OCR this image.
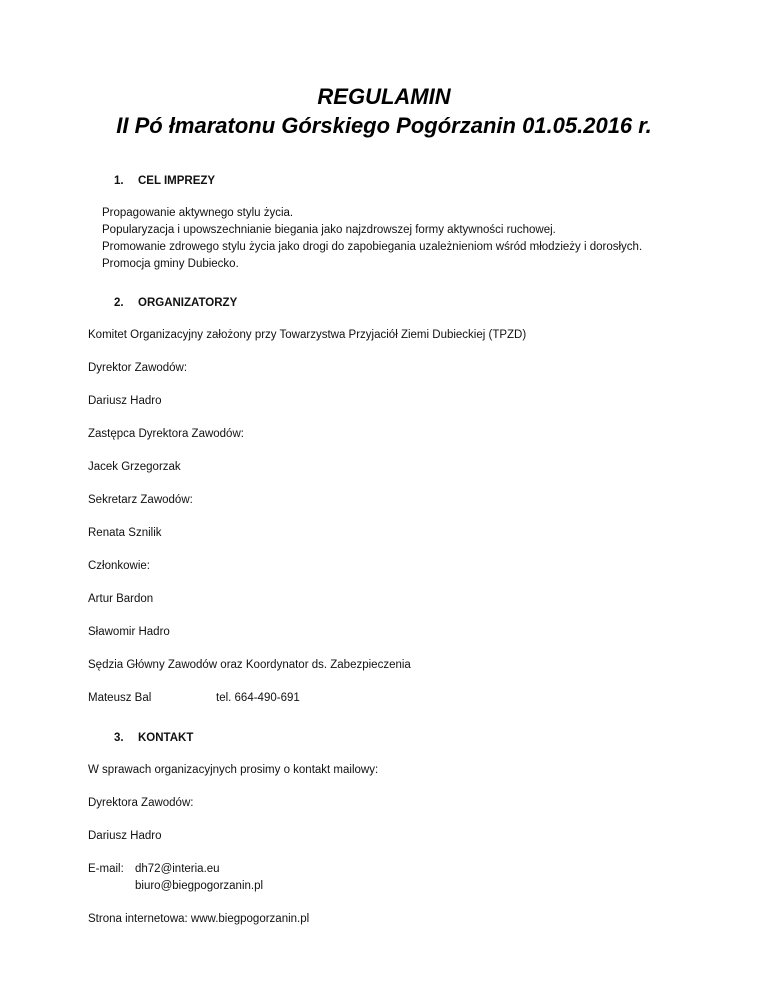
REGULAMIN
II Pó łmaratonu Górskiego Pogórzanin 01.05.2016 r.
1.	CEL IMPREZY
Propagowanie aktywnego stylu życia.
Popularyzacja i upowszechnianie biegania jako najzdrowszej formy aktywności ruchowej.
Promowanie zdrowego stylu życia jako drogi do zapobiegania uzależnieniom wśród młodzieży i dorosłych.
Promocja gminy Dubiecko.
2.	ORGANIZATORZY
Komitet Organizacyjny założony przy Towarzystwa Przyjaciół Ziemi Dubieckiej (TPZD)
Dyrektor Zawodów:
Dariusz Hadro
Zastępca Dyrektora Zawodów:
Jacek Grzegorzak
Sekretarz Zawodów:
Renata Sznilik
Członkowie:
Artur Bardon
Sławomir Hadro
Sędzia Główny Zawodów oraz Koordynator ds. Zabezpieczenia
Mateusz Bal	tel. 664-490-691
3.	KONTAKT
W sprawach organizacyjnych prosimy o kontakt mailowy:
Dyrektora Zawodów:
Dariusz Hadro
E-mail: dh72@interia.eu
biuro@biegpogorzanin.pl
Strona internetowa: www.biegpogorzanin.pl
